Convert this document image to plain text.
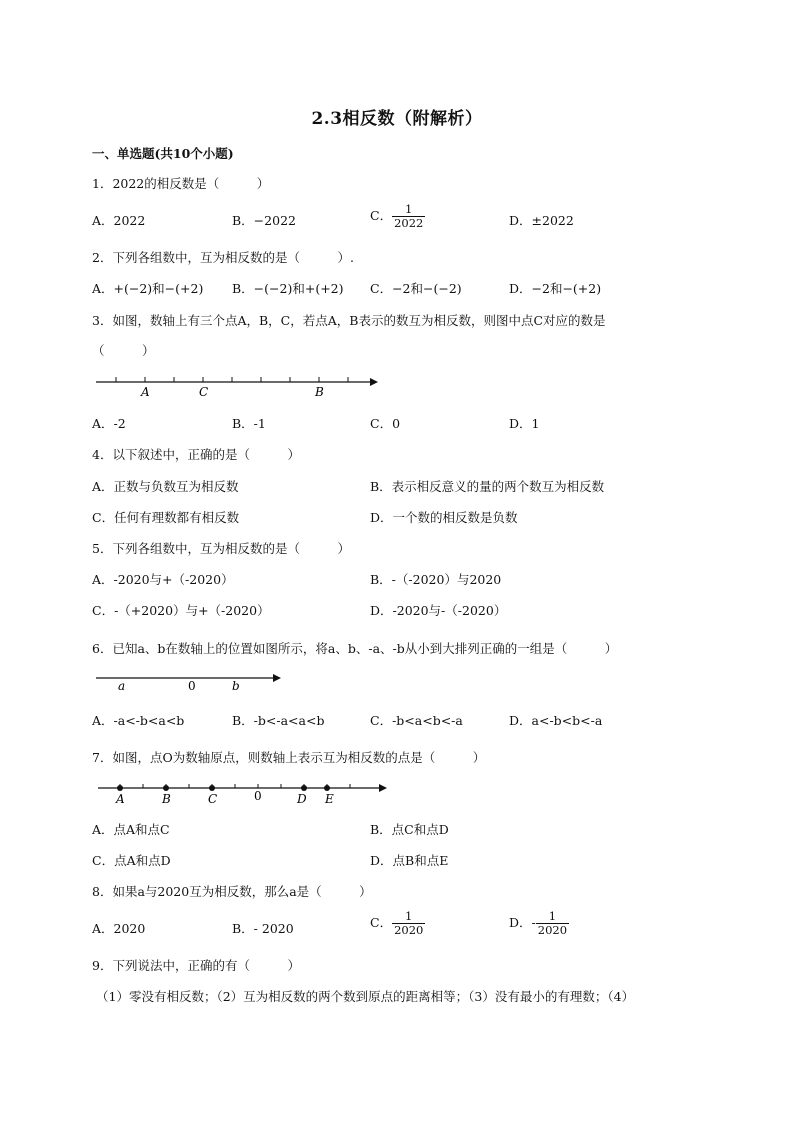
2.3相反数（附解析）
一、单选题(共10个小题)
1．2022的相反数是（　　　）
A．2022	B．−2022	C． $\frac{1}{2022}$	D．±2022
2．下列各组数中，互为相反数的是（　　　）.
A．+(−2)和−(+2) B．−(−2)和+(+2) C．−2和−(−2)	D．−2和−(+2)
3．如图，数轴上有三个点A，B，C，若点A，B表示的数互为相反数，则图中点C对应的数是
（　　　）
A	C	B
A．-2	B．-1	C．0	D．1
4．以下叙述中，正确的是（　　　）
A．正数与负数互为相反数	B．表示相反意义的量的两个数互为相反数
C．任何有理数都有相反数	D．一个数的相反数是负数
5．下列各组数中，互为相反数的是（　　　）
A．-2020与+（-2020）	B．-（-2020）与2020
C．-（+2020）与+（-2020）	D．-2020与-（-2020）
6．已知a、b在数轴上的位置如图所示，将a、b、-a、-b从小到大排列正确的一组是（　　　）
a	0	b
A．-a<-b<a<b	B．-b<-a<a<b	C．-b<a<b<-a	D．a<-b<b<-a
7．如图，点O为数轴原点，则数轴上表示互为相反数的点是（　　　）
A	B	C	0	D E
A．点A和点C	B．点C和点D
C．点A和点D	D．点B和点E
8．如果a与2020互为相反数，那么a是（　　　）
A．2020	B．- 2020	C． $\frac{1}{2020}$	D．- $\frac{1}{2020}$
9．下列说法中，正确的有（　　　）
（1）零没有相反数；（2）互为相反数的两个数到原点的距离相等；（3）没有最小的有理数；（4）
